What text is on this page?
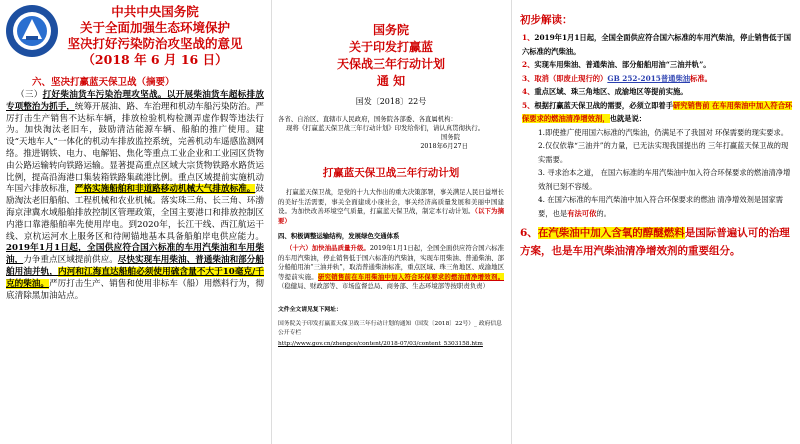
中共中央国务院
关于全面加强生态环境保护
坚决打好污染防治攻坚战的意见
（2018 年 6 月 16 日）
六、坚决打赢蓝天保卫战（摘要）
（三）打好柴油货车污染治理攻坚战。以开展柴油货车超标排放专项整治为抓手，统筹开展油、路、车治理和机动车船污染防治。严厉打击生产销售不达标车辆，排放检验机构检测弄虚作假等违法行为。加快淘汰老旧车，鼓励清洁能源车辆、船舶的推广使用。建设“天地车人”一体化的机动车排放监控系统，完善机动车遥感监测网络。推进钢铁、电力、电解铝、焦化等重点工业企业和工业园区货物由公路运输转向铁路运输。显著提高重点区域大宗货物铁路水路货运比例，提高沿海港口集装箱铁路集疏港比例。重点区域提前实施机动车国六排放标准，严格实施船舶和非道路移动机械大气排放标准。鼓励淘汰老旧船舶、工程机械和农业机械。落实珠三角、长三角、环渤海京津冀水域船舶排放控制区管理政策，全国主要港口和排放控制区内港口靠港船舶率先使用岸电。到2020年，长江干线、西江航运干线、京杭运河水上服务区和待闸锚地基本具备船舶岸电供应能力。2019年1月1日起，全国供应符合国六标准的车用汽柴油和车用柴油，力争重点区域提前供应。尽快实现车用柴油、普通柴油和部分船舶用油并轨，内河和江海直达船舶必须使用硫含量不大于10毫克/千克的柴油。严厉打击生产、销售和使用非标车（船）用燃料行为，彻底清除黑加油站点。
国务院
关于印发打赢蓝
天保战三年行动计划
通 知
国发〔2018〕22号
各省、自治区、直辖市人民政府，国务院各部委、各直属机构：
现将《打赢蓝天保卫战三年行动计划》印发给你们，请认真贯彻执行。
国务院
2018年6月27日
打赢蓝天保卫战三年行动计划
打赢蓝天保卫战，是党的十九大作出的重大决策部署，事关满足人民日益增长的美好生活需要，事关全面建成小康社会，事关经济高质量发展和美丽中国建设。为加快改善环境空气质量，打赢蓝天保卫战，制定本行动计划。（以下为摘要）
四、积极调整运输结构，发展绿色交通体系
（十六）加快油品质量升级。2019年1月1日起，全国全面供应符合国六标准的车用汽柴油，停止销售低于国六标准的汽柴油，实现车用柴油、普通柴油、部分船舶用油“三油并轨”，取消普通柴油标准，重点区域、珠三角地区、成渝地区等提前实施。研究销售前在车用柴油中加入符合环保要求的燃油清净增效剂。（稳健局、财政部等、市场监督总局、商务部、生态环境部等按职责负责）
文件全文请见复下网址：
国务院关于印发打赢蓝天保卫战三年行动计划的通知（国发〔2018〕22号）_ 政府信息公开专栏
http://www.gov.cn/zhengce/content/2018-07/03/content_5303158.htm
初步解读：
1、2019年1月1日起，全国全面供应符合国六标准的车用汽柴油，停止销售低于国六标准的汽柴油。
2、实现车用柴油、普通柴油、部分船舶用油“三油并轨”。
3、取消（即废止现行的）GB 252-2015普通柴油标准。
4、重点区域、珠三角地区、成渝地区等提前实施。
5、根据打赢蓝天保卫战的需要，必须立即着手研究销售前 在车用柴油中加入符合环保要求的燃油清净增效剂，也就是说：
1.即使推广使用国六标准的汽柴油，仍满足不了我国对 环保需要的现实要求。
2.仅仅依靠“三油并”的力量，已无法实现我国提出的 三年打赢蓝天保卫战的现实需要。
3. 寻求治本之道， 在国六标准的车用汽柴油中加入符合环保要求的燃油清净增效剂已刻不容缓。
4. 在国六标准的车用汽柴油中加入符合环保要求的燃油 清净增效剂是国家需要，也是有法可依的。
6、在汽柴油中加入含氧的醇醚燃料是国际普遍认可的治理 方案，也是车用汽柴油清净增效剂的重要组分。
